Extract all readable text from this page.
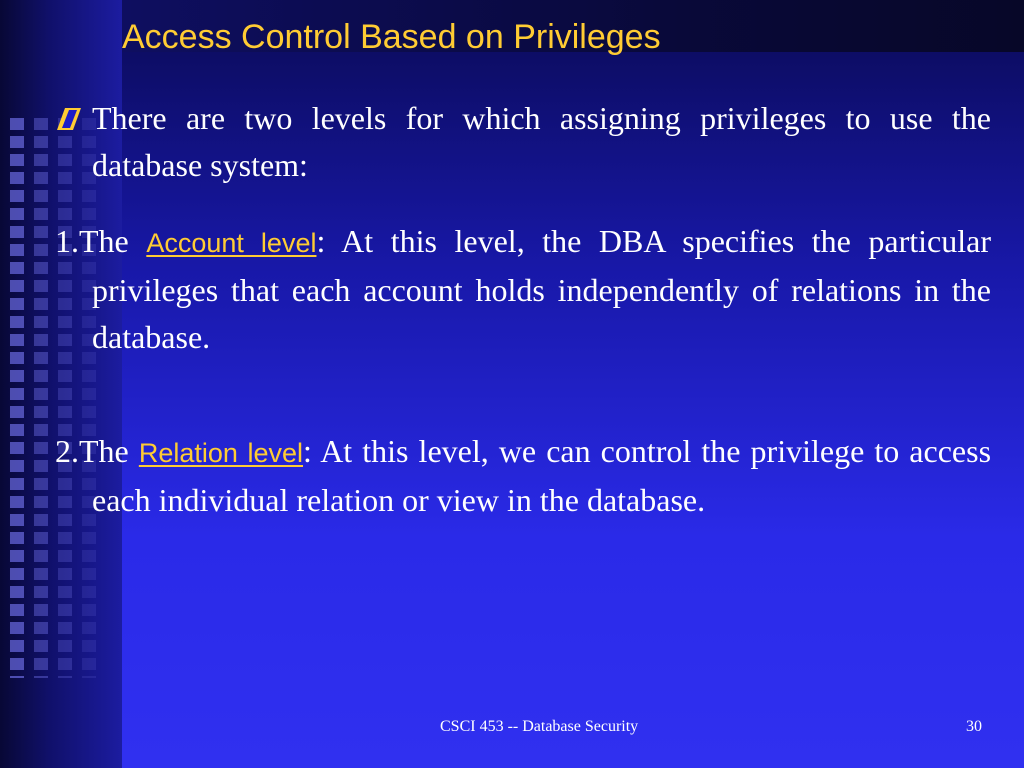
Access Control Based on Privileges

There are two levels for which assigning privileges to use the database system:

1.The Account level: At this level, the DBA specifies the particular privileges that each account holds independently of relations in the database.

2.The Relation level: At this level, we can control the privilege to access each individual relation or view in the database.

CSCI 453 -- Database Security	30
